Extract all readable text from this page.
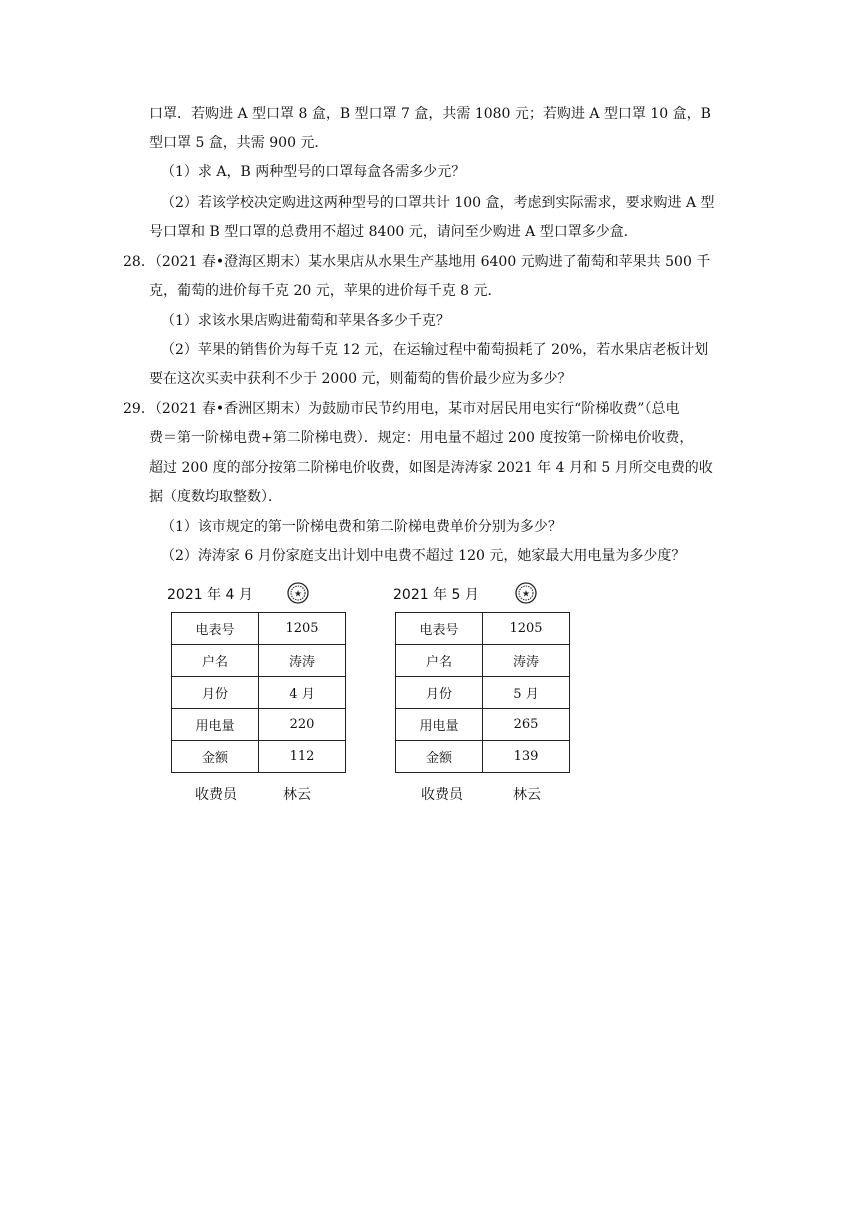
口罩．若购进 A 型口罩 8 盒，B 型口罩 7 盒，共需 1080 元；若购进 A 型口罩 10 盒，B
型口罩 5 盒，共需 900 元．
（1）求 A，B 两种型号的口罩每盒各需多少元？
（2）若该学校决定购进这两种型号的口罩共计 100 盒，考虑到实际需求，要求购进 A 型
号口罩和 B 型口罩的总费用不超过 8400 元，请问至少购进 A 型口罩多少盒．
28．（2021 春•澄海区期末）某水果店从水果生产基地用 6400 元购进了葡萄和苹果共 500 千
克，葡萄的进价每千克 20 元，苹果的进价每千克 8 元．
（1）求该水果店购进葡萄和苹果各多少千克？
（2）苹果的销售价为每千克 12 元，在运输过程中葡萄损耗了 20%，若水果店老板计划
要在这次买卖中获利不少于 2000 元，则葡萄的售价最少应为多少？
29．（2021 春•香洲区期末）为鼓励市民节约用电，某市对居民用电实行“阶梯收费”（总电
费＝第一阶梯电费+第二阶梯电费）．规定：用电量不超过 200 度按第一阶梯电价收费，
超过 200 度的部分按第二阶梯电价收费，如图是涛涛家 2021 年 4 月和 5 月所交电费的收
据（度数均取整数）．
（1）该市规定的第一阶梯电费和第二阶梯电费单价分别为多少？
（2）涛涛家 6 月份家庭支出计划中电费不超过 120 元，她家最大用电量为多少度？
2021 年 4 月	★
电表号	1205
户名	涛涛
月份	4 月
用电量	220
金额	112
收费员	林云
2021 年 5 月	★
电表号	1205
户名	涛涛
月份	5 月
用电量	265
金额	139
收费员	林云
